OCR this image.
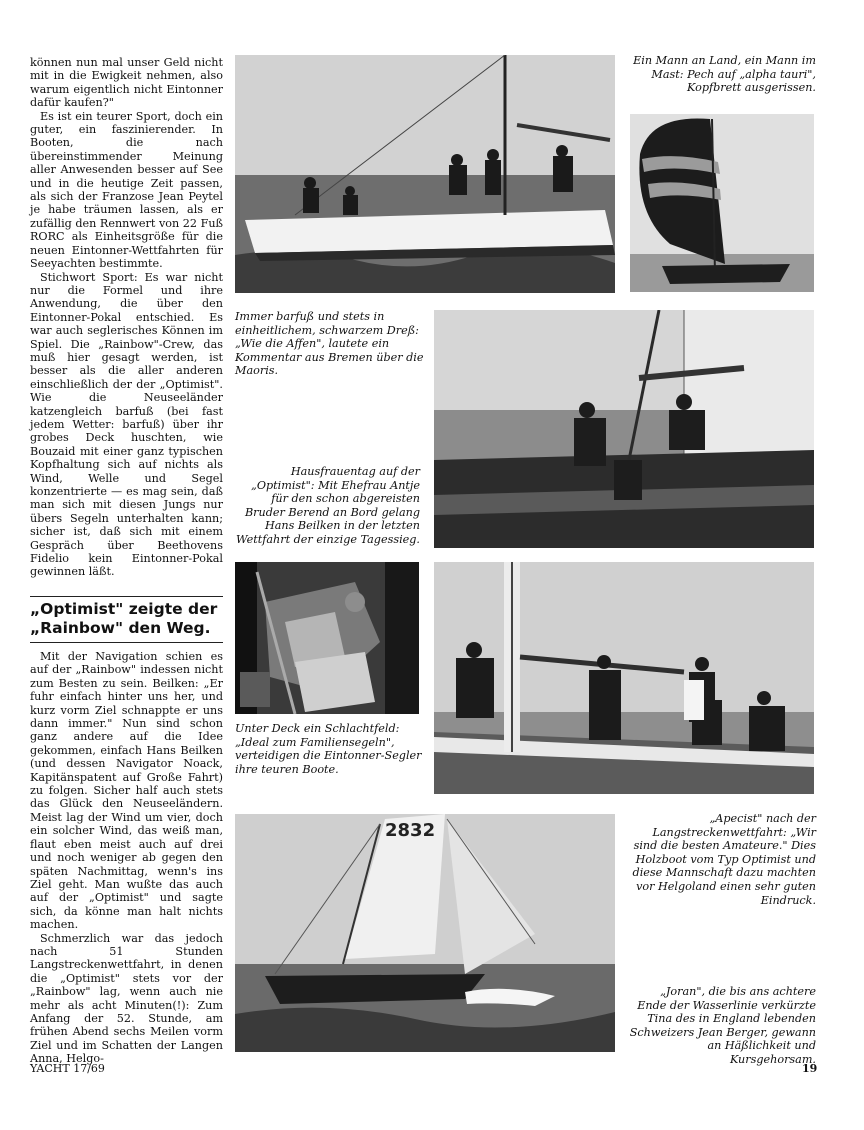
können nun mal unser Geld nicht mit in die Ewigkeit nehmen, also warum eigentlich nicht Eintonner dafür kaufen?"

Es ist ein teurer Sport, doch ein guter, ein faszinierender. In Booten, die nach übereinstimmender Meinung aller Anwesenden besser auf See und in die heutige Zeit passen, als sich der Franzose Jean Peytel je habe träumen lassen, als er zufällig den Rennwert von 22 Fuß RORC als Einheitsgröße für die neuen Eintonner-Wettfahrten für Seeyachten bestimmte.

Stichwort Sport: Es war nicht nur die Formel und ihre Anwendung, die über den Eintonner-Pokal entschied. Es war auch seglerisches Können im Spiel. Die „Rainbow"-Crew, das muß hier gesagt werden, ist besser als die aller anderen einschließlich der der „Optimist". Wie die Neuseeländer katzengleich barfuß (bei fast jedem Wetter: barfuß) über ihr grobes Deck huschten, wie Bouzaid mit einer ganz typischen Kopfhaltung sich auf nichts als Wind, Welle und Segel konzentrierte — es mag sein, daß man sich mit diesen Jungs nur übers Segeln unterhalten kann; sicher ist, daß sich mit einem Gespräch über Beethovens Fidelio kein Eintonner-Pokal gewinnen läßt.

„Optimist" zeigte der
„Rainbow" den Weg.

Mit der Navigation schien es auf der „Rainbow" indessen nicht zum Besten zu sein. Beilken: „Er fuhr einfach hinter uns her, und kurz vorm Ziel schnappte er uns dann immer." Nun sind schon ganz andere auf die Idee gekommen, einfach Hans Beilken (und dessen Navigator Noack, Kapitänspatent auf Große Fahrt) zu folgen. Sicher half auch stets das Glück den Neuseeländern. Meist lag der Wind um vier, doch ein solcher Wind, das weiß man, flaut eben meist auch auf drei und noch weniger ab gegen den späten Nachmittag, wenn's ins Ziel geht. Man wußte das auch auf der „Optimist" und sagte sich, da könne man halt nichts machen.

Schmerzlich war das jedoch nach 51 Stunden Langstreckenwettfahrt, in denen die „Optimist" stets vor der „Rainbow" lag, wenn auch nie mehr als acht Minuten(!): Zum Anfang der 52. Stunde, am frühen Abend sechs Meilen vorm Ziel und im Schatten der Langen Anna, Helgo-

Ein Mann an Land, ein Mann im Mast: Pech auf „alpha tauri", Kopfbrett ausgerissen.
Immer barfuß und stets in einheitlichem, schwarzem Dreß: „Wie die Affen", lautete ein Kommentar aus Bremen über die Maoris.
Hausfrauentag auf der „Optimist": Mit Ehefrau Antje für den schon abgereisten Bruder Berend an Bord gelang Hans Beilken in der letzten Wettfahrt der einzige Tagessieg.
Unter Deck ein Schlachtfeld: „Ideal zum Familiensegeln", verteidigen die Eintonner-Segler ihre teuren Boote.
2832
„Apecist" nach der Langstreckenwettfahrt: „Wir sind die besten Amateure." Dies Holzboot vom Typ Optimist und diese Mannschaft dazu machten vor Helgoland einen sehr guten Eindruck.
„Joran", die bis ans achtere Ende der Wasserlinie verkürzte Tina des in England lebenden Schweizers Jean Berger, gewann an Häßlichkeit und Kursgehorsam.
YACHT 17/69	19
